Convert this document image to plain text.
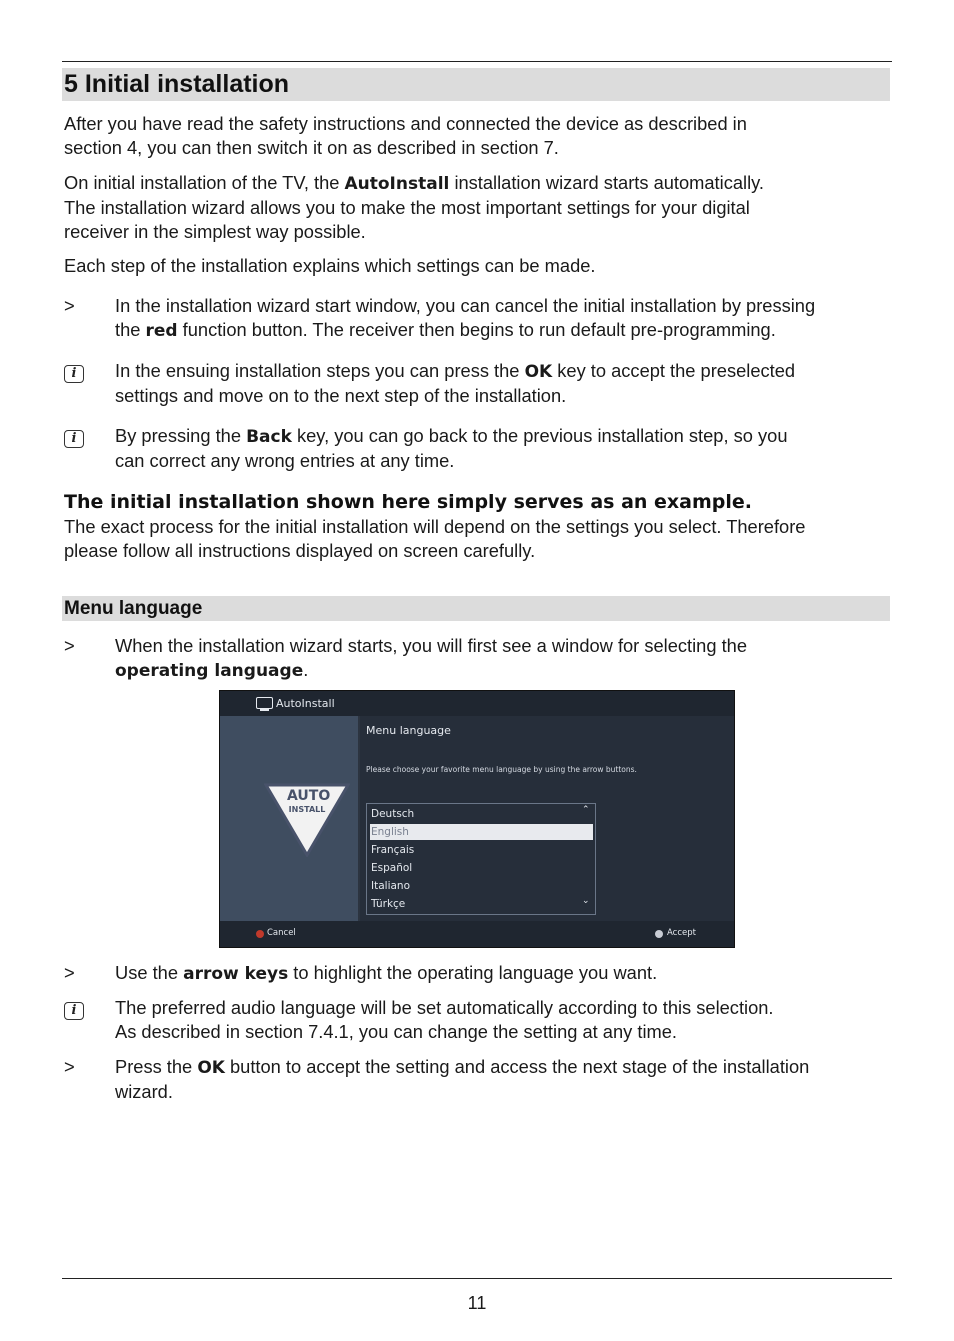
5 Initial installation

After you have read the safety instructions and connected the device as described in
section 4, you can then switch it on as described in section 7.

On initial installation of the TV, the AutoInstall installation wizard starts automatically.
The installation wizard allows you to make the most important settings for your digital
receiver in the simplest way possible.

Each step of the installation explains which settings can be made.

>	In the installation wizard start window, you can cancel the initial installation by pressing
the red function button. The receiver then begins to run default pre-programming.
i	In the ensuing installation steps you can press the OK key to accept the preselected
settings and move on to the next step of the installation.
i	By pressing the Back key, you can go back to the previous installation step, so you
can correct any wrong entries at any time.
The initial installation shown here simply serves as an example.

The exact process for the initial installation will depend on the settings you select. Therefore
please follow all instructions displayed on screen carefully.

Menu language
>	When the installation wizard starts, you will first see a window for selecting the
operating language.
AutoInstall
AUTO
INSTALL
Menu language
Please choose your favorite menu language by using the arrow buttons.
Deutsch
English
Français
Español
Italiano
Türkçe
⌃
⌄
Cancel	Accept
>	Use the arrow keys to highlight the operating language you want.
i	The preferred audio language will be set automatically according to this selection.
As described in section 7.4.1, you can change the setting at any time.
>	Press the OK button to accept the setting and access the next stage of the installation
wizard.
11
